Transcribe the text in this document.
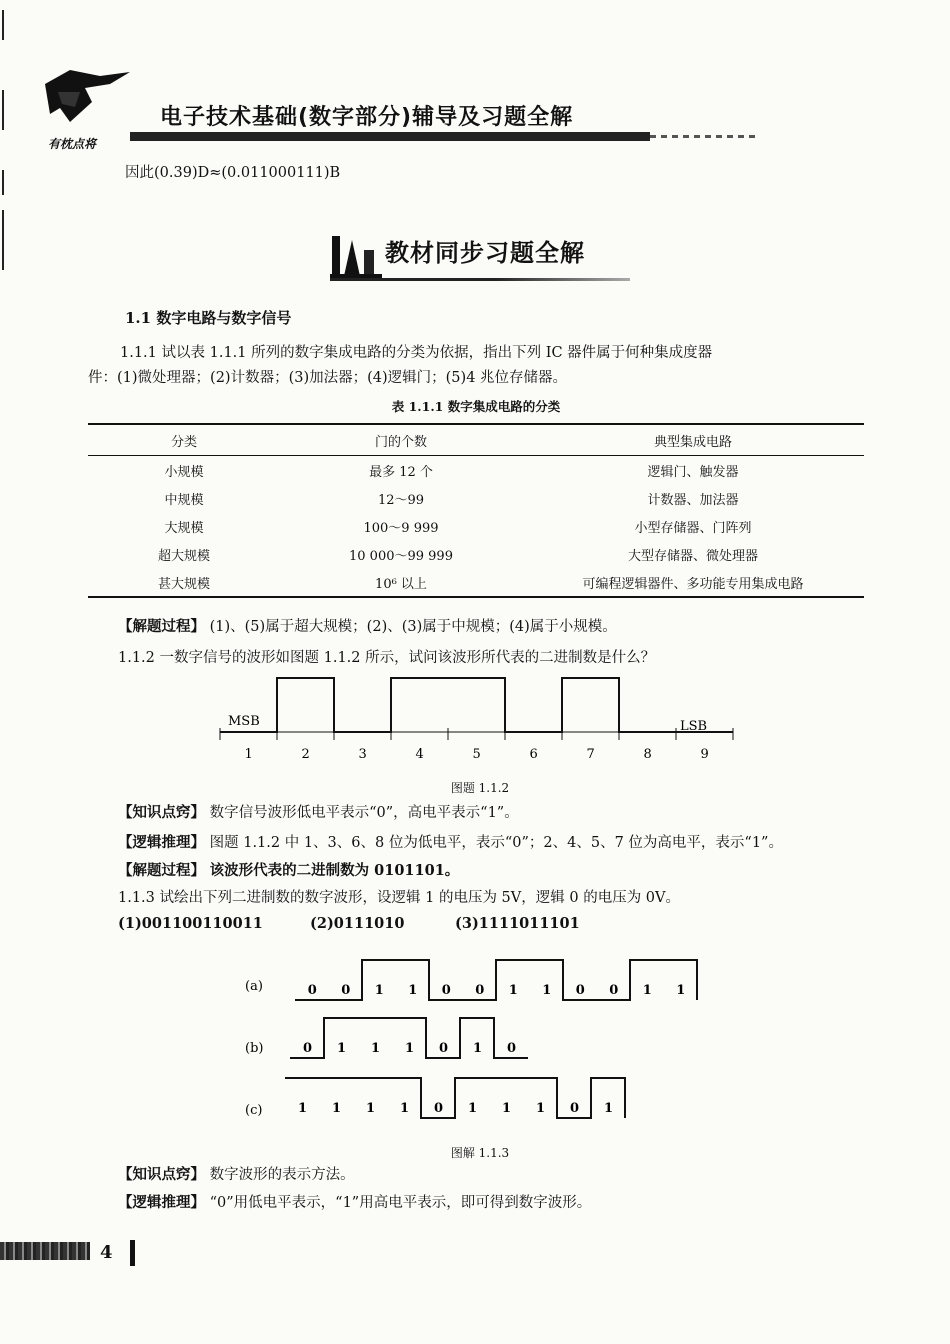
有枕点将
电子技术基础(数字部分)辅导及习题全解
因此(0.39)D≈(0.011000111)B
教材同步习题全解
1.1 数字电路与数字信号
1.1.1 试以表 1.1.1 所列的数字集成电路的分类为依据，指出下列 IC 器件属于何种集成度器
件：(1)微处理器；(2)计数器；(3)加法器；(4)逻辑门；(5)4 兆位存储器。
表 1.1.1 数字集成电路的分类
分类	门的个数	典型集成电路
小规模	最多 12 个	逻辑门、触发器
中规模	12～99	计数器、加法器
大规模	100～9 999	小型存储器、门阵列
超大规模	10 000～99 999	大型存储器、微处理器
甚大规模	10⁶ 以上	可编程逻辑器件、多功能专用集成电路
【解题过程】 (1)、(5)属于超大规模；(2)、(3)属于中规模；(4)属于小规模。
1.1.2 一数字信号的波形如图题 1.1.2 所示，试问该波形所代表的二进制数是什么？
MSB	LSB
1	2	3	4	5	6	7	8	9
图题 1.1.2
【知识点窍】 数字信号波形低电平表示“0”，高电平表示“1”。
【逻辑推理】 图题 1.1.2 中 1、3、6、8 位为低电平，表示“0”；2、4、5、7 位为高电平，表示“1”。
【解题过程】 该波形代表的二进制数为 0101101。
1.1.3 试绘出下列二进制数的数字波形，设逻辑 1 的电压为 5V，逻辑 0 的电压为 0V。
(1)001100110011	(2)0111010	(3)1111011101
(a)
(b)
(c)
0 0 1 1 0 0 1 1 0 0 1 1
0 1 1 1 0 1 0
1 1 1 1 0 1 1 1 0 1
图解 1.1.3
【知识点窍】 数字波形的表示方法。
【逻辑推理】 “0”用低电平表示，“1”用高电平表示，即可得到数字波形。
4
